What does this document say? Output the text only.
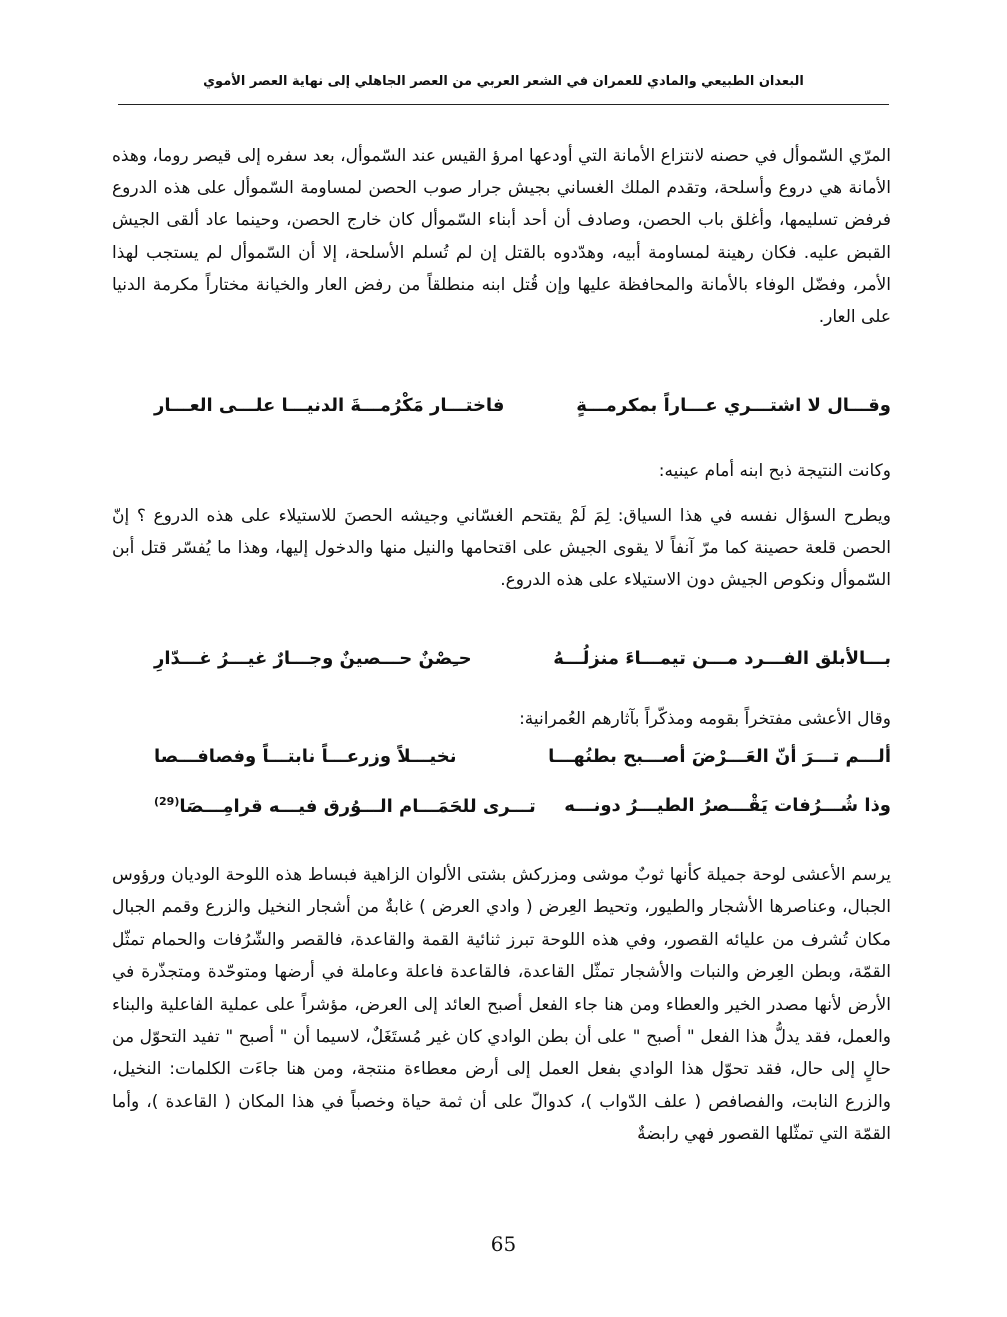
البعدان الطبيعي والمادي للعمران في الشعر العربي من العصر الجاهلي إلى نهاية العصر الأموي

المرّي السّموأل في حصنه لانتزاع الأمانة التي أودعها امرؤ القيس عند السّموأل، بعد سفره إلى قيصر روما، وهذه الأمانة هي دروع وأسلحة، وتقدم الملك الغساني بجيش جرار صوب الحصن لمساومة السّموأل على هذه الدروع فرفض تسليمها، وأغلق باب الحصن، وصادف أن أحد أبناء السّموأل كان خارج الحصن، وحينما عاد ألقى الجيش القبض عليه. فكان رهينة لمساومة أبيه، وهدّدوه بالقتل إن لم تُسلم الأسلحة، إلا أن السّموأل لم يستجب لهذا الأمر، وفضّل الوفاء بالأمانة والمحافظة عليها وإن قُتل ابنه منطلقاً من رفض العار والخيانة مختاراً مكرمة الدنيا على العار.

وقـــال لا اشتـــري عـــاراً بمكرمـــةٍ
فاختـــار مَكْرُمـــةَ الدنيـــا علـــى العـــار

وكانت النتيجة ذبح ابنه أمام عينيه:

ويطرح السؤال نفسه في هذا السياق: لِمَ لَمْ يقتحم الغسّاني وجيشه الحصنَ للاستيلاء على هذه الدروع ؟ إنّ الحصن قلعة حصينة كما مرّ آنفاً لا يقوى الجيش على اقتحامها والنيل منها والدخول إليها، وهذا ما يُفسّر قتل أبن السّموأل ونكوص الجيش دون الاستيلاء على هذه الدروع.

بـــالأبلق الفـــرد مـــن تيمـــاءَ منزلُـــهُ
حـِصْنٌ حـــصينٌ وجـــارٌ غيـــرُ غـــدّارِ

وقال الأعشى مفتخراً بقومه ومذكّراً بآثارهم العُمرانية:

ألـــم تـــرَ أنّ العَـــرْضَ أصـــبح بطنُهـــا
نخيـــلاً وزرعـــاً نابتـــاً وفصافـــصا
وذا شُـــرُفات يَقْـــصرُ الطيـــرُ دونـــه
تـــرى للحَمَـــام الـــوُرق فيـــه قرامِـــصَا$^{(29)}$

يرسم الأعشى لوحة جميلة كأنها ثوبٌ موشى ومزركش بشتى الألوان الزاهية فبساط هذه اللوحة الوديان ورؤوس الجبال، وعناصرها الأشجار والطيور، وتحيط العِرض ( وادي العرض ) غابةٌ من أشجار النخيل والزرع وقمم الجبال مكان تُشرف من عليائه القصور، وفي هذه اللوحة تبرز ثنائية القمة والقاعدة، فالقصر والشّرُفات والحمام تمثّل القمّة، وبطن العِرض والنبات والأشجار تمثّل القاعدة، فالقاعدة فاعلة وعاملة في أرضها ومتوحّدة ومتجذّرة في الأرض لأنها مصدر الخير والعطاء ومن هنا جاء الفعل أصبح العائد إلى العرض، مؤشراً على عملية الفاعلية والبناء والعمل، فقد يدلُّ هذا الفعل " أصبح " على أن بطن الوادي كان غير مُستَغَلٌ، لاسيما أن " أصبح " تفيد التحوّل من حالٍ إلى حال، فقد تحوّل هذا الوادي بفعل العمل إلى أرض معطاءة منتجة، ومن هنا جاءَت الكلمات: النخيل، والزرع النابت، والفصافص ( علف الدّواب )، كدوالّ على أن ثمة حياة وخصباً في هذا المكان ( القاعدة )، وأما القمّة التي تمثّلها القصور فهي رابضةٌ

65
